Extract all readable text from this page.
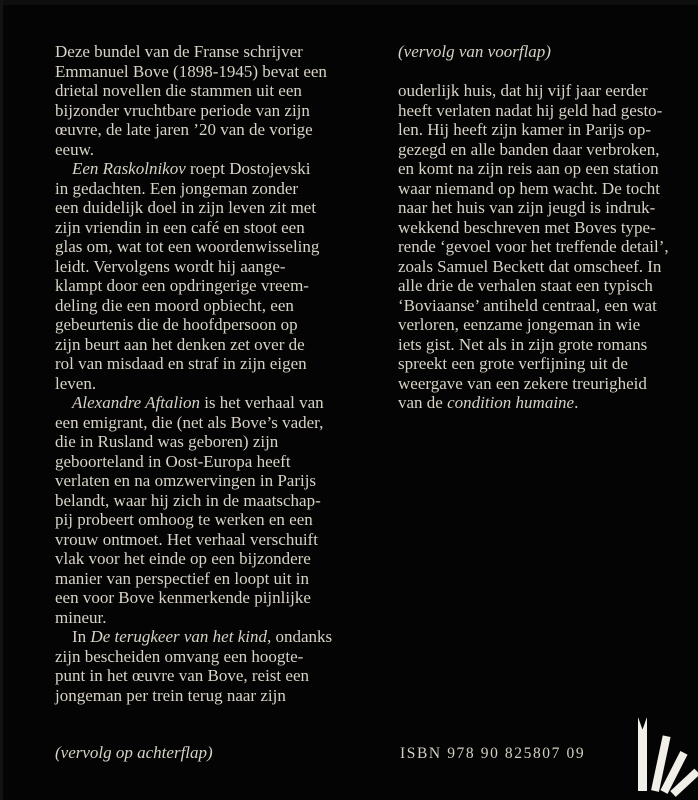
Deze bundel van de Franse schrijver
Emmanuel Bove (1898-1945) bevat een
drietal novellen die stammen uit een
bijzonder vruchtbare periode van zijn
œuvre, de late jaren ’20 van de vorige
eeuw.
Een Raskolnikov roept Dostojevski
in gedachten. Een jongeman zonder
een duidelijk doel in zijn leven zit met
zijn vriendin in een café en stoot een
glas om, wat tot een woordenwisseling
leidt. Vervolgens wordt hij aange-
klampt door een opdringerige vreem-
deling die een moord opbiecht, een
gebeurtenis die de hoofdpersoon op
zijn beurt aan het denken zet over de
rol van misdaad en straf in zijn eigen
leven.
Alexandre Aftalion is het verhaal van
een emigrant, die (net als Bove’s vader,
die in Rusland was geboren) zijn
geboorteland in Oost-Europa heeft
verlaten en na omzwervingen in Parijs
belandt, waar hij zich in de maatschap-
pij probeert omhoog te werken en een
vrouw ontmoet. Het verhaal verschuift
vlak voor het einde op een bijzondere
manier van perspectief en loopt uit in
een voor Bove kenmerkende pijnlijke
mineur.
In De terugkeer van het kind, ondanks
zijn bescheiden omvang een hoogte-
punt in het œuvre van Bove, reist een
jongeman per trein terug naar zijn
(vervolg van voorflap)
ouderlijk huis, dat hij vijf jaar eerder
heeft verlaten nadat hij geld had gesto-
len. Hij heeft zijn kamer in Parijs op-
gezegd en alle banden daar verbroken,
en komt na zijn reis aan op een station
waar niemand op hem wacht. De tocht
naar het huis van zijn jeugd is indruk-
wekkend beschreven met Boves type-
rende ‘gevoel voor het treffende detail’,
zoals Samuel Beckett dat omscheef. In
alle drie de verhalen staat een typisch
‘Boviaanse’ antiheld centraal, een wat
verloren, eenzame jongeman in wie
iets gist. Net als in zijn grote romans
spreekt een grote verfijning uit de
weergave van een zekere treurigheid
van de condition humaine.
(vervolg op achterflap)	ISBN 978 90 825807 09
